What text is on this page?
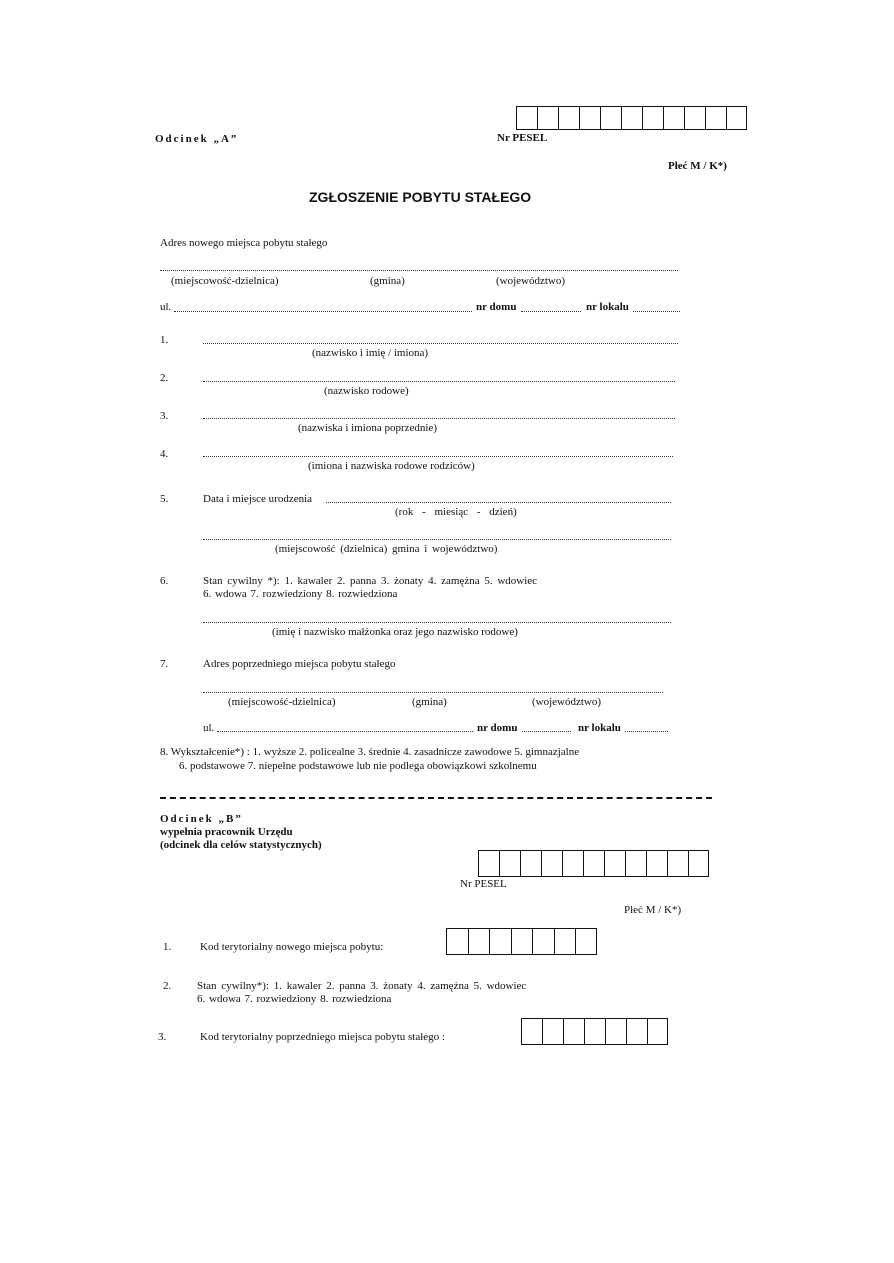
Odcinek „A”	Nr PESEL
Płeć M / K*)
ZGŁOSZENIE POBYTU STAŁEGO
Adres nowego miejsca pobytu stałego
(miejscowość-dzielnica)	(gmina)	(województwo)
ul.	nr domu	nr lokalu
1.
(nazwisko i imię / imiona)
2.
(nazwisko rodowe)
3.
(nazwiska i imiona poprzednie)
4.
(imiona i nazwiska rodowe rodziców)
5.	Data i miejsce urodzenia
(rok - miesiąc - dzień)
(miejscowość (dzielnica) gmina i województwo)
6.	Stan cywilny *): 1. kawaler 2. panna 3. żonaty 4. zamężna 5. wdowiec
6. wdowa 7. rozwiedziony 8. rozwiedziona
(imię i nazwisko małżonka oraz jego nazwisko rodowe)
7.	Adres poprzedniego miejsca pobytu stałego
(miejscowość-dzielnica)	(gmina)	(województwo)
ul.	nr domu	nr lokalu
8. Wykształcenie*) : 1. wyższe 2. policealne 3. średnie 4. zasadnicze zawodowe 5. gimnazjalne
6. podstawowe 7. niepełne podstawowe lub nie podlega obowiązkowi szkolnemu
Odcinek „B”
wypełnia pracownik Urzędu
(odcinek dla celów statystycznych)
Nr PESEL
Płeć M / K*)
1.	Kod terytorialny nowego miejsca pobytu:
2. Stan cywilny*): 1. kawaler 2. panna 3. żonaty 4. zamężna 5. wdowiec
6. wdowa 7. rozwiedziony 8. rozwiedziona
3.	Kod terytorialny poprzedniego miejsca pobytu stałego :
